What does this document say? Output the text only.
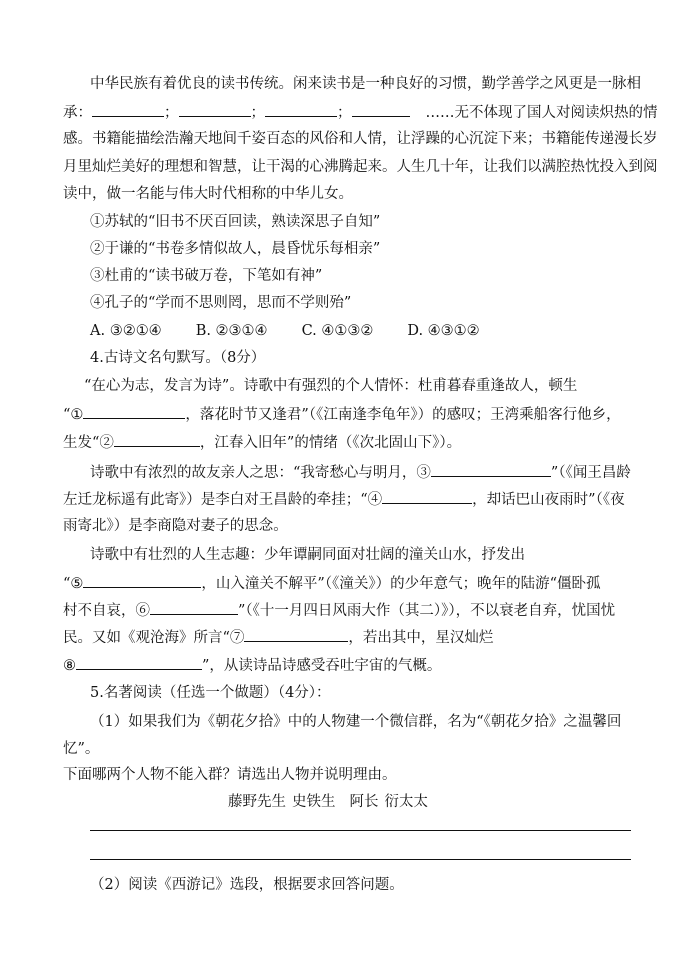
中华民族有着优良的读书传统。闲来读书是一种良好的习惯，勤学善学之风更是一脉相
承：	；	；	；	……无不体现了国人对阅读炽热的情
感。书籍能描绘浩瀚天地间千姿百态的风俗和人情，让浮躁的心沉淀下来；书籍能传递漫长岁
月里灿烂美好的理想和智慧，让干渴的心沸腾起来。人生几十年，让我们以满腔热忱投入到阅
读中，做一名能与伟大时代相称的中华儿女。
①苏轼的“旧书不厌百回读，熟读深思子自知”
②于谦的“书卷多情似故人，晨昏忧乐每相亲”
③杜甫的“读书破万卷，下笔如有神”
④孔子的“学而不思则罔，思而不学则殆”
A. ③②①④ B. ②③①④ C. ④①③② D. ④③①②
4.古诗文名句默写。（8分）
“在心为志，发言为诗”。诗歌中有强烈的个人情怀：杜甫暮春重逢故人，顿生
“①	，落花时节又逢君”（《江南逢李龟年》）的感叹；王湾乘船客行他乡，
生发“②	，江春入旧年”的情绪（《次北固山下》）。
诗歌中有浓烈的故友亲人之思：“我寄愁心与明月，③	”（《闻王昌龄
左迁龙标遥有此寄》）是李白对王昌龄的牵挂；“④	，却话巴山夜雨时”（《夜
雨寄北》）是李商隐对妻子的思念。
诗歌中有壮烈的人生志趣：少年谭嗣同面对壮阔的潼关山水，抒发出
“⑤	，山入潼关不解平”（《潼关》）的少年意气；晚年的陆游“僵卧孤
村不自哀，⑥	”（《十一月四日风雨大作（其二）》），不以衰老自弃，忧国忧
民。又如《观沧海》所言“⑦	，若出其中，星汉灿烂
⑧	”，从读诗品诗感受吞吐宇宙的气概。
5.名著阅读（任选一个做题）（4分）：
（1）如果我们为《朝花夕拾》中的人物建一个微信群，名为“《朝花夕拾》之温馨回
忆”。
下面哪两个人物不能入群？请选出人物并说明理由。
藤野先生 史铁生 阿长 衍太太
（2）阅读《西游记》选段，根据要求回答问题。
